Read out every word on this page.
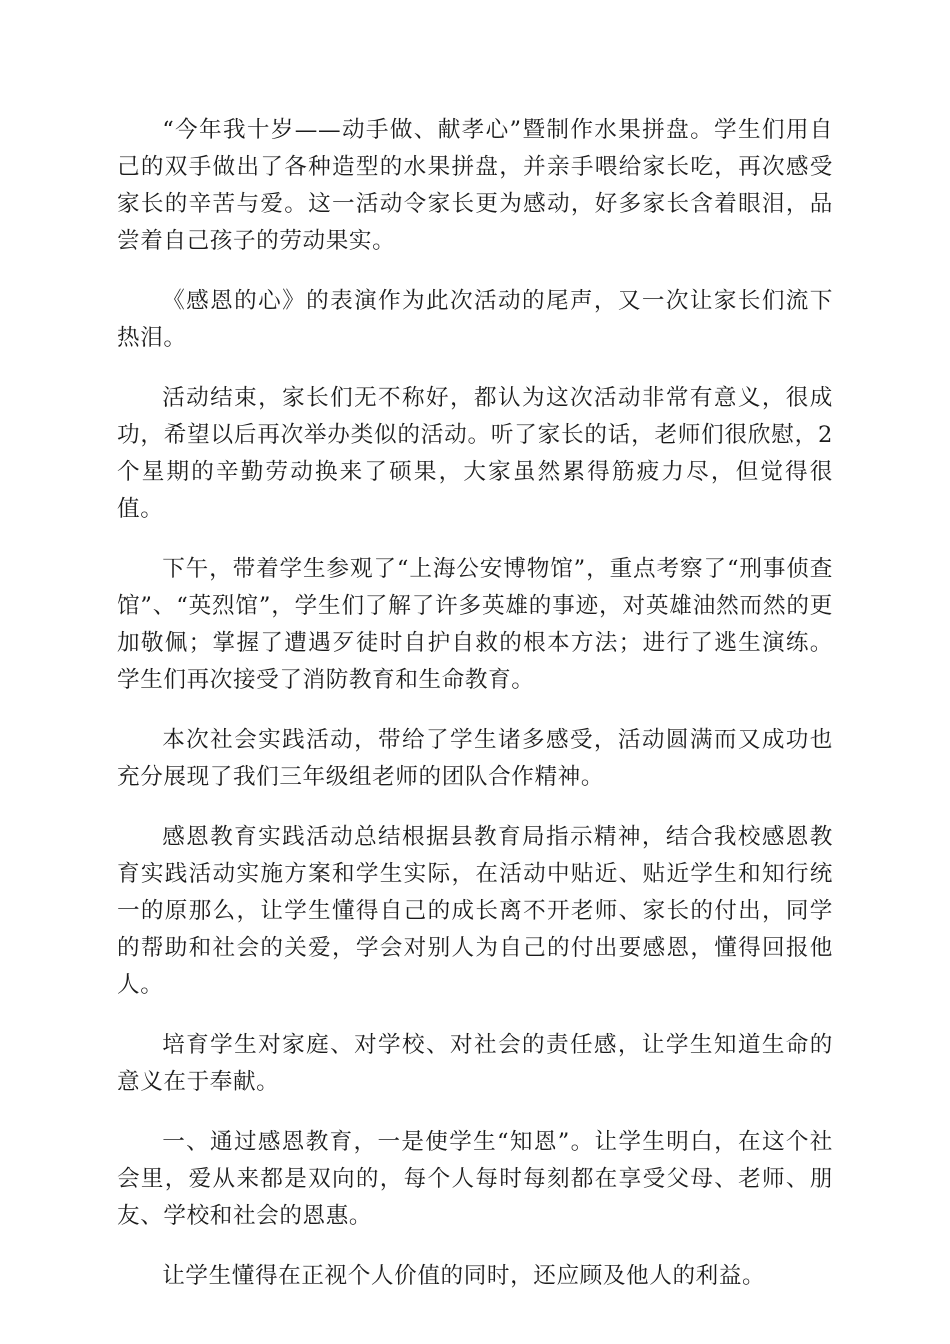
“今年我十岁——动手做、献孝心”暨制作水果拼盘。学生们用自己的双手做出了各种造型的水果拼盘，并亲手喂给家长吃，再次感受家长的辛苦与爱。这一活动令家长更为感动，好多家长含着眼泪，品尝着自己孩子的劳动果实。

《感恩的心》的表演作为此次活动的尾声，又一次让家长们流下热泪。

活动结束，家长们无不称好，都认为这次活动非常有意义，很成功，希望以后再次举办类似的活动。听了家长的话，老师们很欣慰，2个星期的辛勤劳动换来了硕果，大家虽然累得筋疲力尽，但觉得很值。

下午，带着学生参观了“上海公安博物馆”，重点考察了“刑事侦查馆”、“英烈馆”，学生们了解了许多英雄的事迹，对英雄油然而然的更加敬佩；掌握了遭遇歹徒时自护自救的根本方法；进行了逃生演练。学生们再次接受了消防教育和生命教育。

本次社会实践活动，带给了学生诸多感受，活动圆满而又成功也充分展现了我们三年级组老师的团队合作精神。

感恩教育实践活动总结根据县教育局指示精神，结合我校感恩教育实践活动实施方案和学生实际，在活动中贴近、贴近学生和知行统一的原那么，让学生懂得自己的成长离不开老师、家长的付出，同学的帮助和社会的关爱，学会对别人为自己的付出要感恩，懂得回报他人。

培育学生对家庭、对学校、对社会的责任感，让学生知道生命的意义在于奉献。

一、通过感恩教育，一是使学生“知恩”。让学生明白，在这个社会里，爱从来都是双向的，每个人每时每刻都在享受父母、老师、朋友、学校和社会的恩惠。

让学生懂得在正视个人价值的同时，还应顾及他人的利益。
